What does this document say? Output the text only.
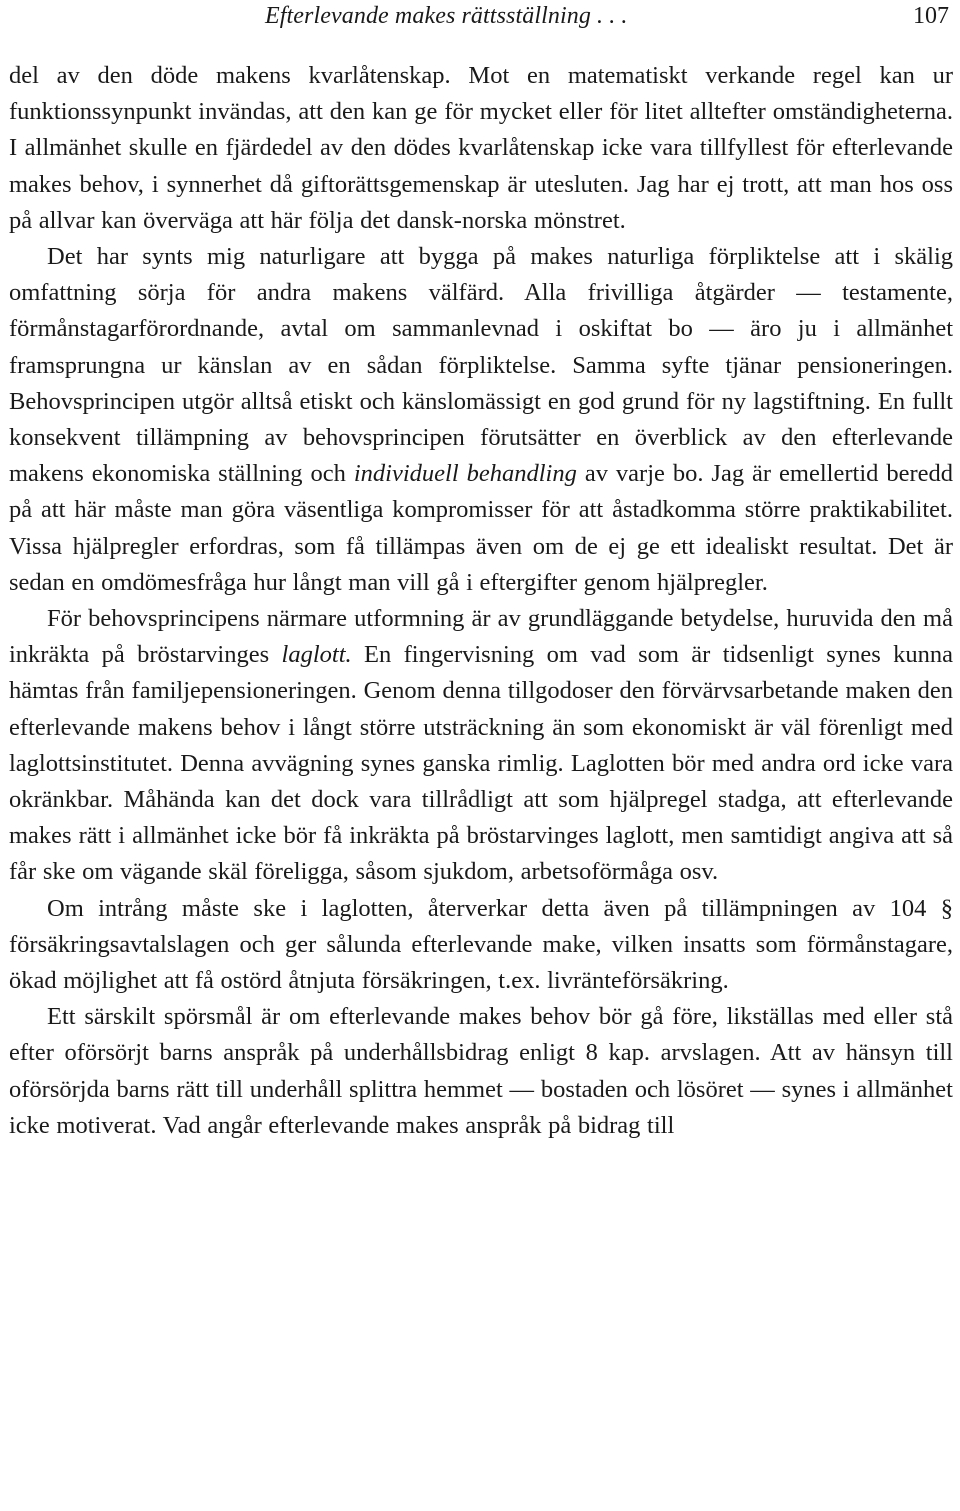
Efterlevande makes rättsställning . . .	107

del av den döde makens kvarlåtenskap. Mot en matematiskt verkande regel kan ur funktionssynpunkt invändas, att den kan ge för mycket eller för litet alltefter omständigheterna. I allmänhet skulle en fjärdedel av den dödes kvarlåtenskap icke vara tillfyllest för efterlevande makes behov, i synnerhet då giftorättsgemenskap är utesluten. Jag har ej trott, att man hos oss på allvar kan överväga att här följa det dansk-norska mönstret.

Det har synts mig naturligare att bygga på makes naturliga förpliktelse att i skälig omfattning sörja för andra makens välfärd. Alla frivilliga åtgärder — testamente, förmånstagarförordnande, avtal om sammanlevnad i oskiftat bo — äro ju i allmänhet framsprungna ur känslan av en sådan förpliktelse. Samma syfte tjänar pensioneringen. Behovsprincipen utgör alltså etiskt och känslomässigt en god grund för ny lagstiftning. En fullt konsekvent tillämpning av behovsprincipen förutsätter en överblick av den efterlevande makens ekonomiska ställning och individuell behandling av varje bo. Jag är emellertid beredd på att här måste man göra väsentliga kompromisser för att åstadkomma större praktikabilitet. Vissa hjälpregler erfordras, som få tillämpas även om de ej ge ett idealiskt resultat. Det är sedan en omdömesfråga hur långt man vill gå i eftergifter genom hjälpregler.

För behovsprincipens närmare utformning är av grundläggande betydelse, huruvida den må inkräkta på bröstarvinges laglott. En fingervisning om vad som är tidsenligt synes kunna hämtas från familjepensioneringen. Genom denna tillgodoser den förvärvsarbetande maken den efterlevande makens behov i långt större utsträckning än som ekonomiskt är väl förenligt med laglottsinstitutet. Denna avvägning synes ganska rimlig. Laglotten bör med andra ord icke vara okränkbar. Måhända kan det dock vara tillrådligt att som hjälpregel stadga, att efterlevande makes rätt i allmänhet icke bör få inkräkta på bröstarvinges laglott, men samtidigt angiva att så får ske om vägande skäl föreligga, såsom sjukdom, arbetsoförmåga osv.

Om intrång måste ske i laglotten, återverkar detta även på tillämpningen av 104 § försäkringsavtalslagen och ger sålunda efterlevande make, vilken insatts som förmånstagare, ökad möjlighet att få ostörd åtnjuta försäkringen, t.ex. livränteförsäkring.

Ett särskilt spörsmål är om efterlevande makes behov bör gå före, likställas med eller stå efter oförsörjt barns anspråk på underhållsbidrag enligt 8 kap. arvslagen. Att av hänsyn till oförsörjda barns rätt till underhåll splittra hemmet — bostaden och lösöret — synes i allmänhet icke motiverat. Vad angår efterlevande makes anspråk på bidrag till
